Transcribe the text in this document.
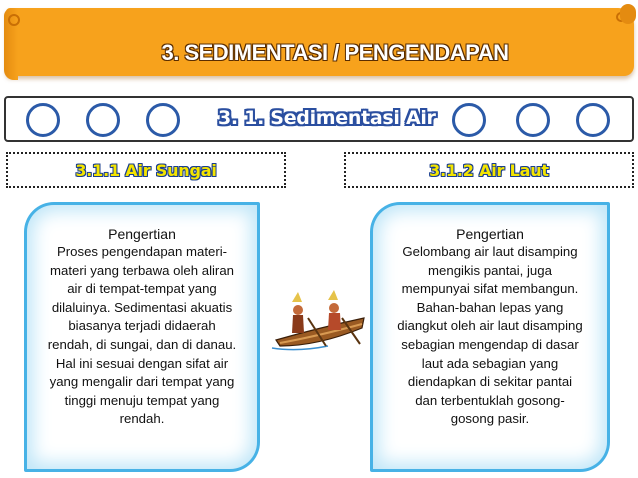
3. SEDIMENTASI / PENGENDAPAN
3. 1. Sedimentasi Air
3.1.1 Air Sungai	3.1.2 Air Laut
Pengertian
Proses pengendapan materi-
materi yang terbawa oleh aliran
air di tempat-tempat yang
dilaluinya. Sedimentasi akuatis
biasanya terjadi didaerah
rendah, di sungai, dan di danau.
Hal ini sesuai dengan sifat air
yang mengalir dari tempat yang
tinggi menuju tempat yang
rendah.
Pengertian
Gelombang air laut disamping
mengikis pantai, juga
mempunyai sifat membangun.
Bahan-bahan lepas yang
diangkut oleh air laut disamping
sebagian mengendap di dasar
laut ada sebagian yang
diendapkan di sekitar pantai
dan terbentuklah gosong-
gosong pasir.
